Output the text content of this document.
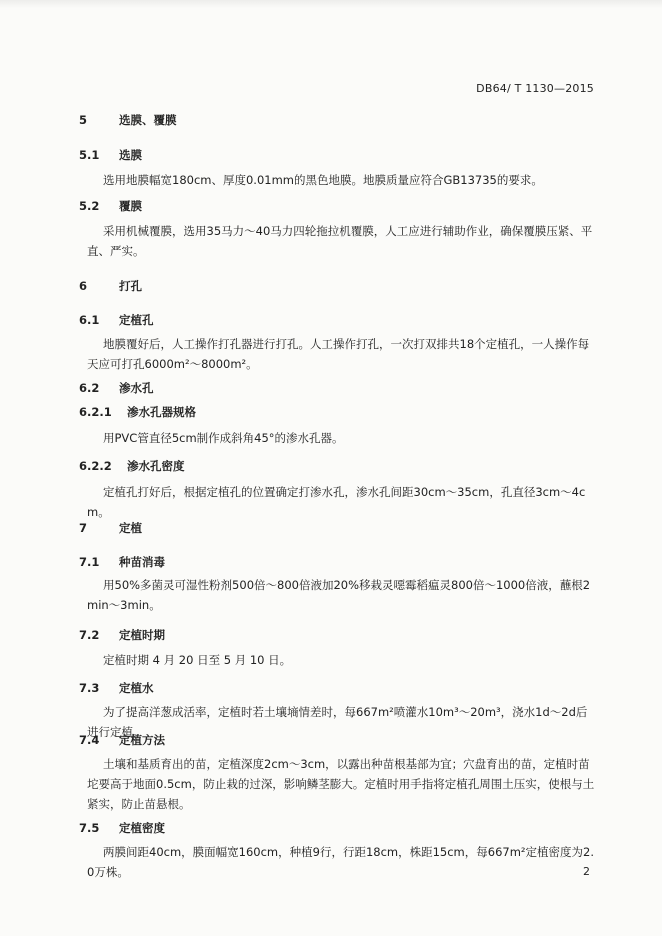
DB64/ T 1130—2015
5	选膜、覆膜
5.1 选膜
选用地膜幅宽180cm、厚度0.01mm的黑色地膜。地膜质量应符合GB13735的要求。
5.2 覆膜
采用机械覆膜，选用35马力～40马力四轮拖拉机覆膜，人工应进行辅助作业，确保覆膜压紧、平直、严实。
6	打孔
6.1 定植孔
地膜覆好后，人工操作打孔器进行打孔。人工操作打孔，一次打双排共18个定植孔，一人操作每天应可打孔6000m²～8000m²。
6.2 渗水孔
6.2.1 渗水孔器规格
用PVC管直径5cm制作成斜角45°的渗水孔器。
6.2.2 渗水孔密度
定植孔打好后，根据定植孔的位置确定打渗水孔，渗水孔间距30cm～35cm，孔直径3cm～4cm。
7	定植
7.1 种苗消毒
用50%多菌灵可湿性粉剂500倍～800倍液加20%移栽灵噁霉稻瘟灵800倍～1000倍液，蘸根2min～3min。
7.2 定植时期
定植时期 4 月 20 日至 5 月 10 日。
7.3 定植水
为了提高洋葱成活率，定植时若土壤墒情差时，每667m²喷灌水10m³～20m³，浇水1d～2d后进行定植。
7.4 定植方法
土壤和基质育出的苗，定植深度2cm～3cm，以露出种苗根基部为宜；穴盘育出的苗，定植时苗坨要高于地面0.5cm，防止栽的过深，影响鳞茎膨大。定植时用手指将定植孔周围土压实，使根与土紧实，防止苗悬根。
7.5 定植密度
两膜间距40cm，膜面幅宽160cm，种植9行，行距18cm，株距15cm，每667m²定植密度为2.0万株。	2
